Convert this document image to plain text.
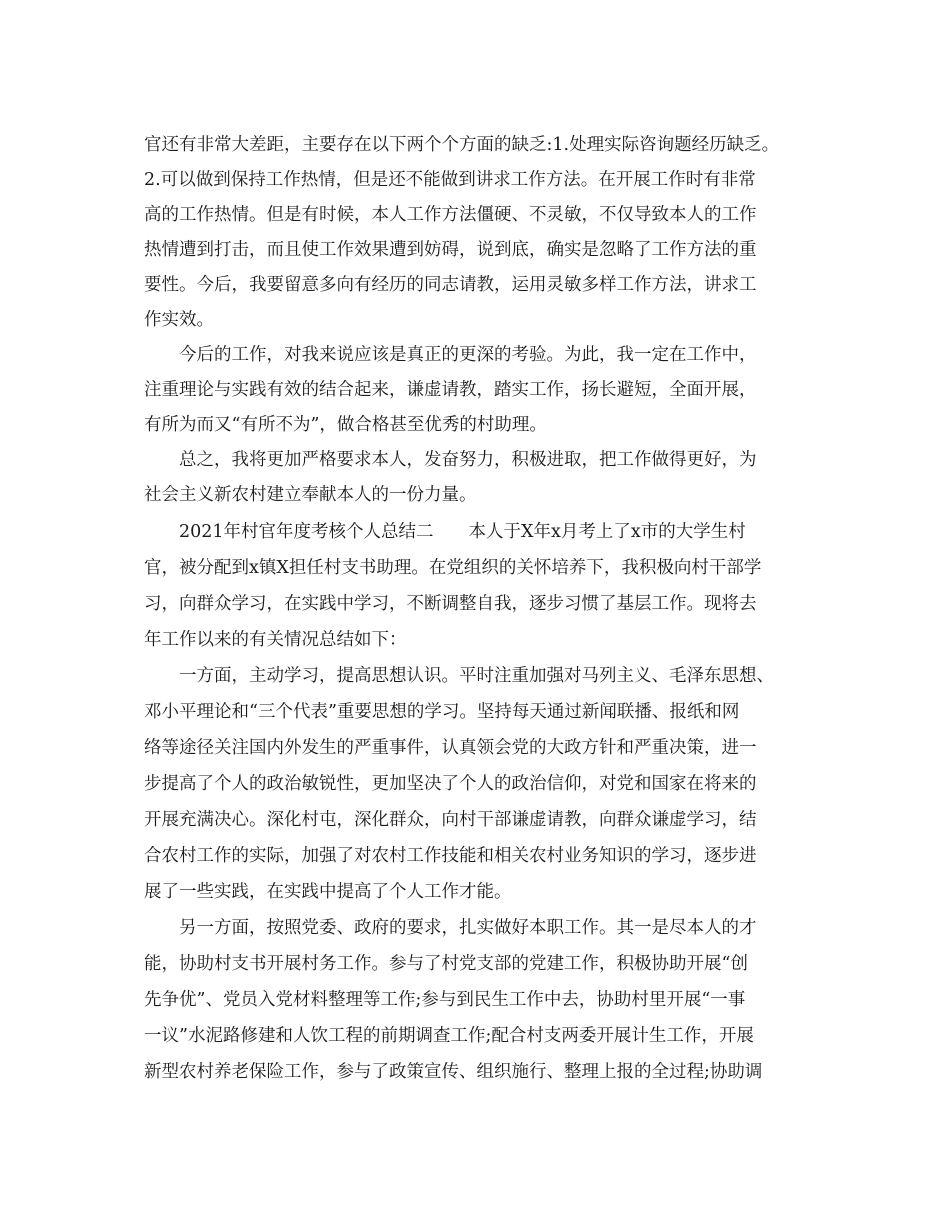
官还有非常大差距，主要存在以下两个个方面的缺乏:1.处理实际咨询题经历缺乏。
2.可以做到保持工作热情，但是还不能做到讲求工作方法。在开展工作时有非常
高的工作热情。但是有时候，本人工作方法僵硬、不灵敏，不仅导致本人的工作
热情遭到打击，而且使工作效果遭到妨碍，说到底，确实是忽略了工作方法的重
要性。今后，我要留意多向有经历的同志请教，运用灵敏多样工作方法，讲求工
作实效。
今后的工作，对我来说应该是真正的更深的考验。为此，我一定在工作中，
注重理论与实践有效的结合起来，谦虚请教，踏实工作，扬长避短，全面开展，
有所为而又“有所不为”，做合格甚至优秀的村助理。
总之，我将更加严格要求本人，发奋努力，积极进取，把工作做得更好，为
社会主义新农村建立奉献本人的一份力量。
2021年村官年度考核个人总结二　　本人于X年x月考上了x市的大学生村
官，被分配到x镇X担任村支书助理。在党组织的关怀培养下，我积极向村干部学
习，向群众学习，在实践中学习，不断调整自我，逐步习惯了基层工作。现将去
年工作以来的有关情况总结如下：
一方面，主动学习，提高思想认识。平时注重加强对马列主义、毛泽东思想、
邓小平理论和“三个代表”重要思想的学习。坚持每天通过新闻联播、报纸和网
络等途径关注国内外发生的严重事件，认真领会党的大政方针和严重决策，进一
步提高了个人的政治敏锐性，更加坚决了个人的政治信仰，对党和国家在将来的
开展充满决心。深化村屯，深化群众，向村干部谦虚请教，向群众谦虚学习，结
合农村工作的实际，加强了对农村工作技能和相关农村业务知识的学习，逐步进
展了一些实践，在实践中提高了个人工作才能。
另一方面，按照党委、政府的要求，扎实做好本职工作。其一是尽本人的才
能，协助村支书开展村务工作。参与了村党支部的党建工作，积极协助开展“创
先争优”、党员入党材料整理等工作;参与到民生工作中去，协助村里开展“一事
一议”水泥路修建和人饮工程的前期调查工作;配合村支两委开展计生工作，开展
新型农村养老保险工作，参与了政策宣传、组织施行、整理上报的全过程;协助调
